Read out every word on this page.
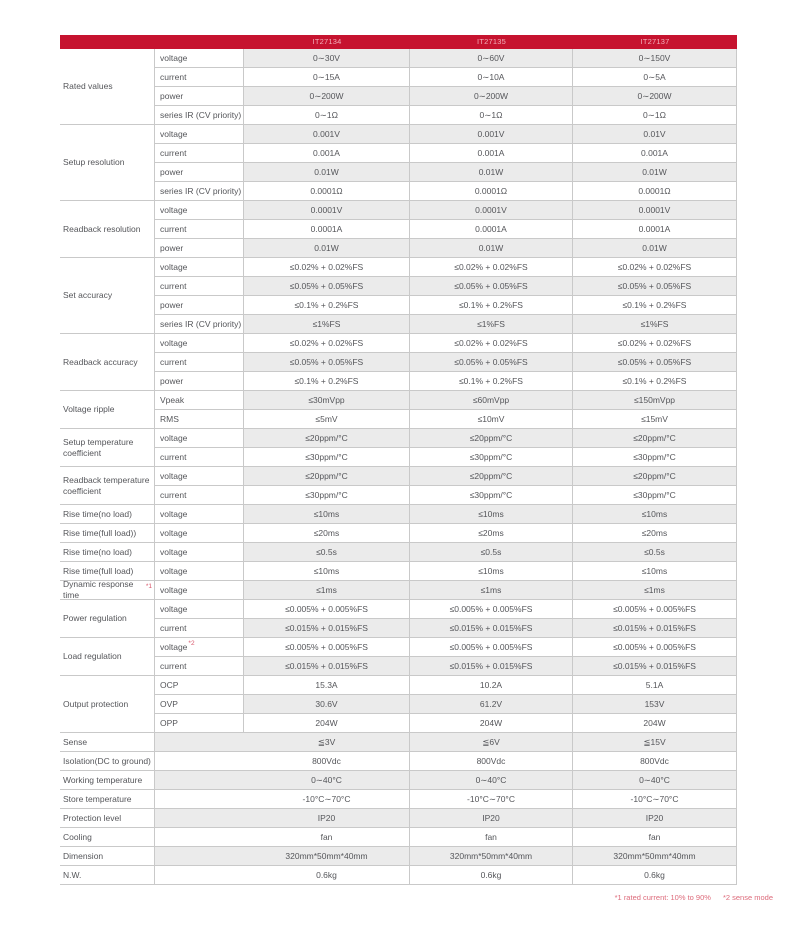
IT27134	IT27135	IT27137
Rated values
voltage	0∼30V	0∼60V	0∼150V
current	0∼15A	0∼10A	0∼5A
power	0∼200W	0∼200W	0∼200W
series IR (CV priority)	0∼1Ω	0∼1Ω	0∼1Ω
Setup resolution
voltage	0.001V	0.001V	0.01V
current	0.001A	0.001A	0.001A
power	0.01W	0.01W	0.01W
series IR (CV priority)	0.0001Ω	0.0001Ω	0.0001Ω
Readback resolution
voltage	0.0001V	0.0001V	0.0001V
current	0.0001A	0.0001A	0.0001A
power	0.01W	0.01W	0.01W
Set accuracy
voltage	≤0.02% + 0.02%FS	≤0.02% + 0.02%FS	≤0.02% + 0.02%FS
current	≤0.05% + 0.05%FS	≤0.05% + 0.05%FS	≤0.05% + 0.05%FS
power	≤0.1% + 0.2%FS	≤0.1% + 0.2%FS	≤0.1% + 0.2%FS
series IR (CV priority)	≤1%FS	≤1%FS	≤1%FS
Readback accuracy
voltage	≤0.02% + 0.02%FS	≤0.02% + 0.02%FS	≤0.02% + 0.02%FS
current	≤0.05% + 0.05%FS	≤0.05% + 0.05%FS	≤0.05% + 0.05%FS
power	≤0.1% + 0.2%FS	≤0.1% + 0.2%FS	≤0.1% + 0.2%FS
Voltage ripple
Vpeak	≤30mVpp	≤60mVpp	≤150mVpp
RMS	≤5mV	≤10mV	≤15mV
Setup temperature coefficient
voltage	≤20ppm/°C	≤20ppm/°C	≤20ppm/°C
current	≤30ppm/°C	≤30ppm/°C	≤30ppm/°C
Readback temperature coefficient
voltage	≤20ppm/°C	≤20ppm/°C	≤20ppm/°C
current	≤30ppm/°C	≤30ppm/°C	≤30ppm/°C
Rise time(no load)	voltage	≤10ms	≤10ms	≤10ms
Rise time(full load))	voltage	≤20ms	≤20ms	≤20ms
Rise time(no load)	voltage	≤0.5s	≤0.5s	≤0.5s
Rise time(full load)	voltage	≤10ms	≤10ms	≤10ms
Dynamic response time
*1 voltage	≤1ms	≤1ms	≤1ms
Power regulation
voltage	≤0.005% + 0.005%FS	≤0.005% + 0.005%FS	≤0.005% + 0.005%FS
current	≤0.015% + 0.015%FS	≤0.015% + 0.015%FS	≤0.015% + 0.015%FS
Load regulation
voltage *2	≤0.005% + 0.005%FS	≤0.005% + 0.005%FS	≤0.005% + 0.005%FS
current	≤0.015% + 0.015%FS	≤0.015% + 0.015%FS	≤0.015% + 0.015%FS
Output protection
OCP	15.3A	10.2A	5.1A
OVP	30.6V	61.2V	153V
OPP	204W	204W	204W
Sense	≦3V	≦6V	≦15V
Isolation(DC to ground)	800Vdc	800Vdc	800Vdc
Working temperature	0∼40°C	0∼40°C	0∼40°C
Store temperature	-10°C∼70°C	-10°C∼70°C	-10°C∼70°C
Protection level	IP20	IP20	IP20
Cooling	fan	fan	fan
Dimension	320mm*50mm*40mm	320mm*50mm*40mm	320mm*50mm*40mm
N.W.	0.6kg	0.6kg	0.6kg
*1 rated current: 10% to 90% *2 sense mode
